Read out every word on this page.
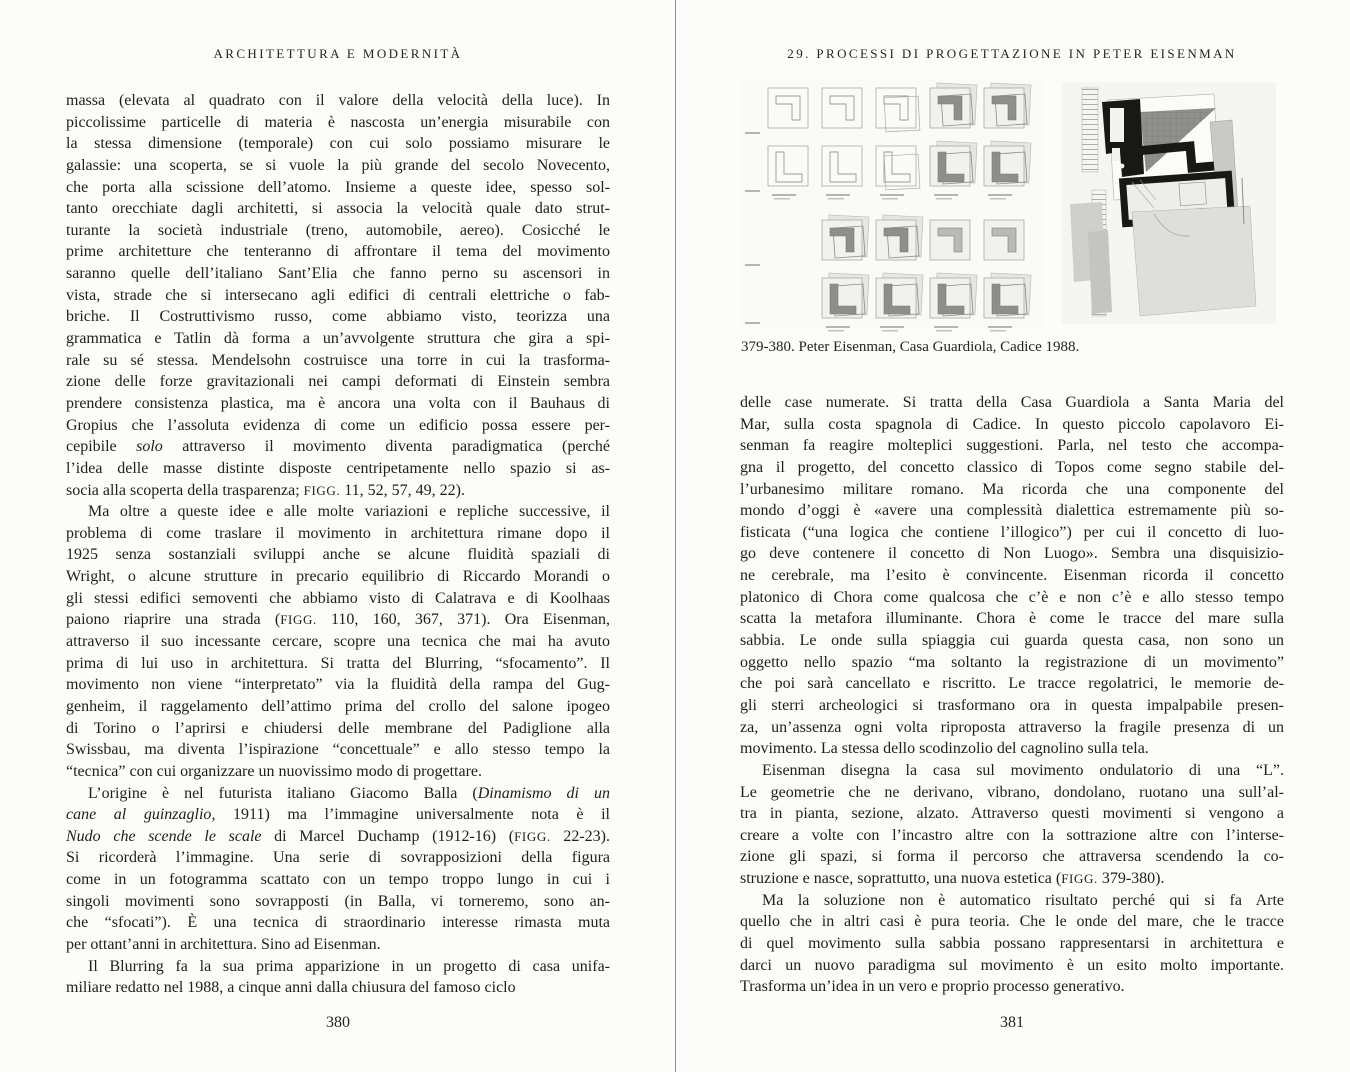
ARCHITETTURA E MODERNITÀ
massa (elevata al quadrato con il valore della velocità della luce). In
piccolissime particelle di materia è nascosta un’energia misurabile con
la stessa dimensione (temporale) con cui solo possiamo misurare le
galassie: una scoperta, se si vuole la più grande del secolo Novecento,
che porta alla scissione dell’atomo. Insieme a queste idee, spesso sol-
tanto orecchiate dagli architetti, si associa la velocità quale dato strut-
turante la società industriale (treno, automobile, aereo). Cosicché le
prime architetture che tenteranno di affrontare il tema del movimento
saranno quelle dell’italiano Sant’Elia che fanno perno su ascensori in
vista, strade che si intersecano agli edifici di centrali elettriche o fab-
briche. Il Costruttivismo russo, come abbiamo visto, teorizza una
grammatica e Tatlin dà forma a un’avvolgente struttura che gira a spi-
rale su sé stessa. Mendelsohn costruisce una torre in cui la trasforma-
zione delle forze gravitazionali nei campi deformati di Einstein sembra
prendere consistenza plastica, ma è ancora una volta con il Bauhaus di
Gropius che l’assoluta evidenza di come un edificio possa essere per-
cepibile solo attraverso il movimento diventa paradigmatica (perché
l’idea delle masse distinte disposte centripetamente nello spazio si as-
socia alla scoperta della trasparenza; FIGG. 11, 52, 57, 49, 22).
Ma oltre a queste idee e alle molte variazioni e repliche successive, il
problema di come traslare il movimento in architettura rimane dopo il
1925 senza sostanziali sviluppi anche se alcune fluidità spaziali di
Wright, o alcune strutture in precario equilibrio di Riccardo Morandi o
gli stessi edifici semoventi che abbiamo visto di Calatrava e di Koolhaas
paiono riaprire una strada (FIGG. 110, 160, 367, 371). Ora Eisenman,
attraverso il suo incessante cercare, scopre una tecnica che mai ha avuto
prima di lui uso in architettura. Si tratta del Blurring, “sfocamento”. Il
movimento non viene “interpretato” via la fluidità della rampa del Gug-
genheim, il raggelamento dell’attimo prima del crollo del salone ipogeo
di Torino o l’aprirsi e chiudersi delle membrane del Padiglione alla
Swissbau, ma diventa l’ispirazione “concettuale” e allo stesso tempo la
“tecnica” con cui organizzare un nuovissimo modo di progettare.
L’origine è nel futurista italiano Giacomo Balla (Dinamismo di un
cane al guinzaglio, 1911) ma l’immagine universalmente nota è il
Nudo che scende le scale di Marcel Duchamp (1912-16) (FIGG. 22-23).
Si ricorderà l’immagine. Una serie di sovrapposizioni della figura
come in un fotogramma scattato con un tempo troppo lungo in cui i
singoli movimenti sono sovrapposti (in Balla, vi torneremo, sono an-
che “sfocati”). È una tecnica di straordinario interesse rimasta muta
per ottant’anni in architettura. Sino ad Eisenman.
Il Blurring fa la sua prima apparizione in un progetto di casa unifa-
miliare redatto nel 1988, a cinque anni dalla chiusura del famoso ciclo
380
29. PROCESSI DI PROGETTAZIONE IN PETER EISENMAN
379-380. Peter Eisenman, Casa Guardiola, Cadice 1988.
delle case numerate. Si tratta della Casa Guardiola a Santa Maria del
Mar, sulla costa spagnola di Cadice. In questo piccolo capolavoro Ei-
senman fa reagire molteplici suggestioni. Parla, nel testo che accompa-
gna il progetto, del concetto classico di Topos come segno stabile del-
l’urbanesimo militare romano. Ma ricorda che una componente del
mondo d’oggi è «avere una complessità dialettica estremamente più so-
fisticata (“una logica che contiene l’illogico”) per cui il concetto di luo-
go deve contenere il concetto di Non Luogo». Sembra una disquisizio-
ne cerebrale, ma l’esito è convincente. Eisenman ricorda il concetto
platonico di Chora come qualcosa che c’è e non c’è e allo stesso tempo
scatta la metafora illuminante. Chora è come le tracce del mare sulla
sabbia. Le onde sulla spiaggia cui guarda questa casa, non sono un
oggetto nello spazio “ma soltanto la registrazione di un movimento”
che poi sarà cancellato e riscritto. Le tracce regolatrici, le memorie de-
gli sterri archeologici si trasformano ora in questa impalpabile presen-
za, un’assenza ogni volta riproposta attraverso la fragile presenza di un
movimento. La stessa dello scodinzolio del cagnolino sulla tela.
Eisenman disegna la casa sul movimento ondulatorio di una “L”.
Le geometrie che ne derivano, vibrano, dondolano, ruotano una sull’al-
tra in pianta, sezione, alzato. Attraverso questi movimenti si vengono a
creare a volte con l’incastro altre con la sottrazione altre con l’interse-
zione gli spazi, si forma il percorso che attraversa scendendo la co-
struzione e nasce, soprattutto, una nuova estetica (FIGG. 379-380).
Ma la soluzione non è automatico risultato perché qui si fa Arte
quello che in altri casi è pura teoria. Che le onde del mare, che le tracce
di quel movimento sulla sabbia possano rappresentarsi in architettura e
darci un nuovo paradigma sul movimento è un esito molto importante.
Trasforma un’idea in un vero e proprio processo generativo.
381
